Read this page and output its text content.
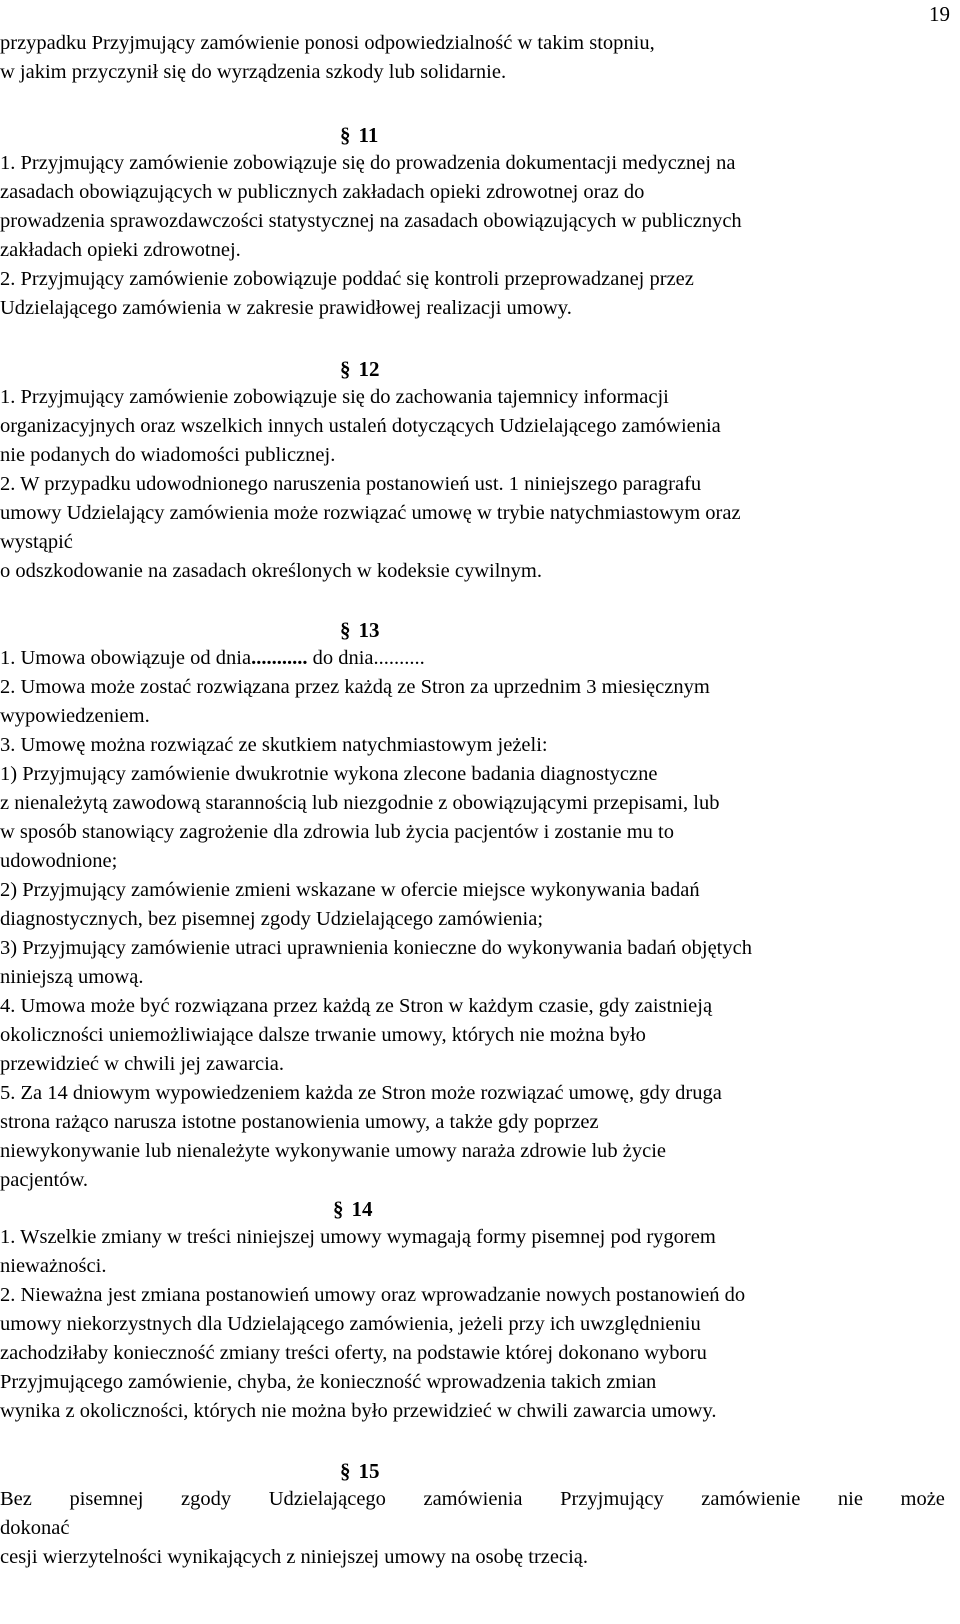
19
przypadku Przyjmujący zamówienie ponosi odpowiedzialność w takim stopniu,
w jakim przyczynił się do wyrządzenia szkody lub solidarnie.
§ 11
1. Przyjmujący zamówienie zobowiązuje się do prowadzenia dokumentacji medycznej na
zasadach obowiązujących w publicznych zakładach opieki zdrowotnej oraz do
prowadzenia sprawozdawczości statystycznej na zasadach obowiązujących w publicznych
zakładach opieki zdrowotnej.
2. Przyjmujący zamówienie zobowiązuje poddać się kontroli przeprowadzanej przez
Udzielającego zamówienia w zakresie prawidłowej realizacji umowy.
§ 12
1. Przyjmujący zamówienie zobowiązuje się do zachowania tajemnicy informacji
organizacyjnych oraz wszelkich innych ustaleń dotyczących Udzielającego zamówienia
nie podanych do wiadomości publicznej.
2. W przypadku udowodnionego naruszenia postanowień ust. 1 niniejszego paragrafu
umowy Udzielający zamówienia może rozwiązać umowę w trybie natychmiastowym oraz
wystąpić
o odszkodowanie na zasadach określonych w kodeksie cywilnym.
§ 13
1. Umowa obowiązuje od dnia........... do dnia..........
2. Umowa może zostać rozwiązana przez każdą ze Stron za uprzednim 3 miesięcznym
wypowiedzeniem.
3. Umowę można rozwiązać ze skutkiem natychmiastowym jeżeli:
1) Przyjmujący zamówienie dwukrotnie wykona zlecone badania diagnostyczne
z nienależytą zawodową starannością lub niezgodnie z obowiązującymi przepisami, lub
w sposób stanowiący zagrożenie dla zdrowia lub życia pacjentów i zostanie mu to
udowodnione;
2) Przyjmujący zamówienie zmieni wskazane w ofercie miejsce wykonywania badań
diagnostycznych, bez pisemnej zgody Udzielającego zamówienia;
3) Przyjmujący zamówienie utraci uprawnienia konieczne do wykonywania badań objętych
niniejszą umową.
4. Umowa może być rozwiązana przez każdą ze Stron w każdym czasie, gdy zaistnieją
okoliczności uniemożliwiające dalsze trwanie umowy, których nie można było
przewidzieć w chwili jej zawarcia.
5. Za 14 dniowym wypowiedzeniem każda ze Stron może rozwiązać umowę, gdy druga
strona rażąco narusza istotne postanowienia umowy, a także gdy poprzez
niewykonywanie lub nienależyte wykonywanie umowy naraża zdrowie lub życie
pacjentów.
§ 14
1. Wszelkie zmiany w treści niniejszej umowy wymagają formy pisemnej pod rygorem
nieważności.
2. Nieważna jest zmiana postanowień umowy oraz wprowadzanie nowych postanowień do
umowy niekorzystnych dla Udzielającego zamówienia, jeżeli przy ich uwzględnieniu
zachodziłaby konieczność zmiany treści oferty, na podstawie której dokonano wyboru
Przyjmującego zamówienie, chyba, że konieczność wprowadzenia takich zmian
wynika z okoliczności, których nie można było przewidzieć w chwili zawarcia umowy.
§ 15
Bez pisemnej zgody Udzielającego zamówienia Przyjmujący zamówienie nie może
dokonać
cesji wierzytelności wynikających z niniejszej umowy na osobę trzecią.
